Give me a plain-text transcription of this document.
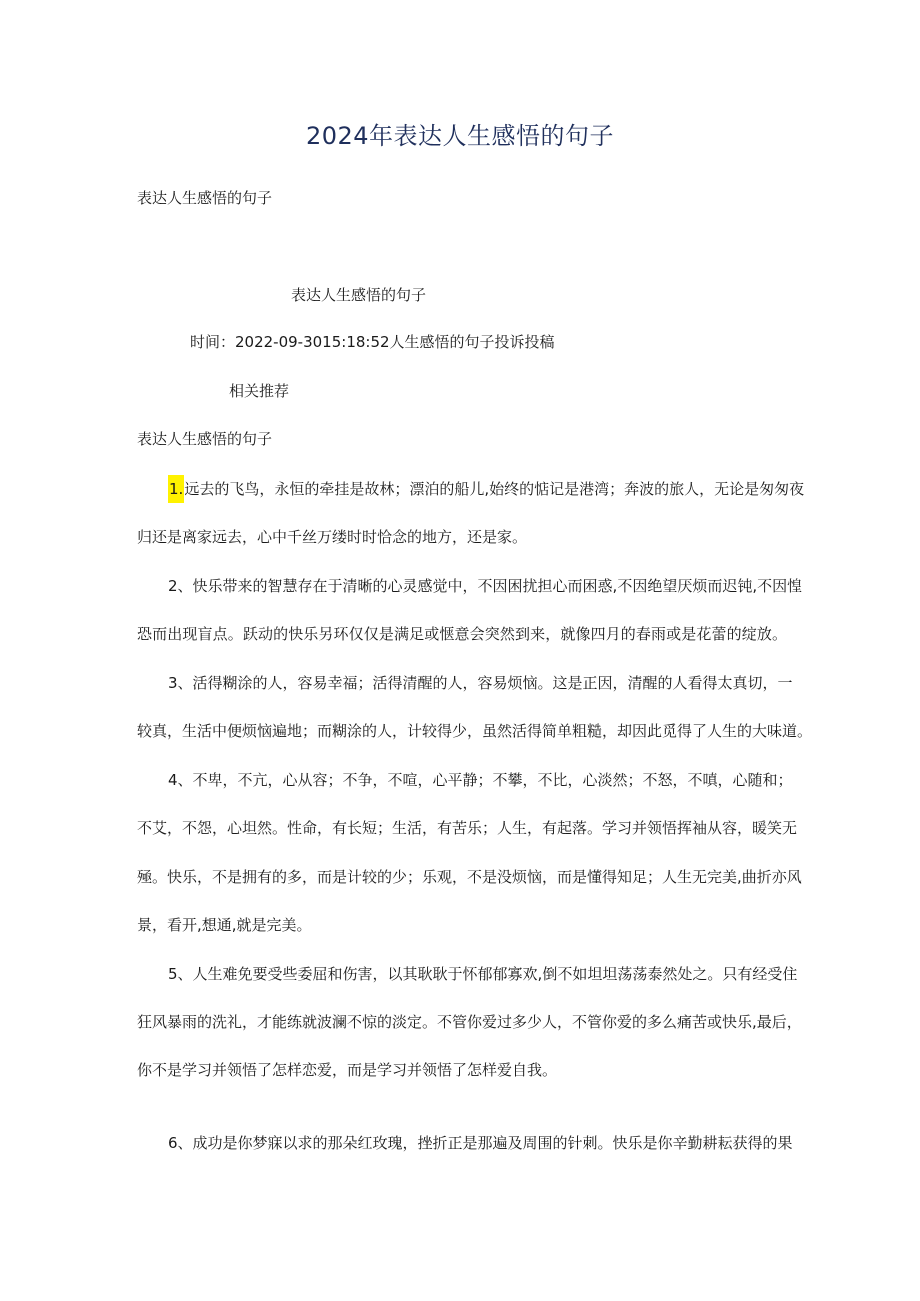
2024年表达人生感悟的句子
表达人生感悟的句子
表达人生感悟的句子
时间：2022-09-3015:18:52人生感悟的句子投诉投稿
相关推荐
表达人生感悟的句子
1.远去的飞鸟，永恒的牵挂是故林；漂泊的船儿,始终的惦记是港湾；奔波的旅人，无论是匆匆夜
归还是离家远去，心中千丝万缕时时恰念的地方，还是家。
2、快乐带来的智慧存在于清晰的心灵感觉中，不因困扰担心而困惑,不因绝望厌烦而迟钝,不因惶
恐而出现盲点。跃动的快乐另环仅仅是满足或惬意会突然到来，就像四月的春雨或是花蕾的绽放。
3、活得糊涂的人，容易幸福；活得清醒的人，容易烦恼。这是正因，清醒的人看得太真切，一
较真，生活中便烦恼遍地；而糊涂的人，计较得少，虽然活得简单粗糙，却因此觅得了人生的大味道。
4、不卑，不亢，心从容；不争，不喧，心平静；不攀，不比，心淡然；不怒，不嗔，心随和；
不艾，不怨，心坦然。性命，有长短；生活，有苦乐；人生，有起落。学习并领悟挥袖从容，暖笑无
殛。快乐，不是拥有的多，而是计较的少；乐观，不是没烦恼，而是懂得知足；人生无完美,曲折亦风
景，看开,想通,就是完美。
5、人生难免要受些委屈和伤害，以其耿耿于怀郁郁寡欢,倒不如坦坦荡荡泰然处之。只有经受住
狂风暴雨的洗礼，才能练就波澜不惊的淡定。不管你爱过多少人，不管你爱的多么痛苦或快乐,最后，
你不是学习并领悟了怎样恋爱，而是学习并领悟了怎样爱自我。
6、成功是你梦寐以求的那朵红玫瑰，挫折正是那遍及周围的针刺。快乐是你辛勤耕耘获得的果
